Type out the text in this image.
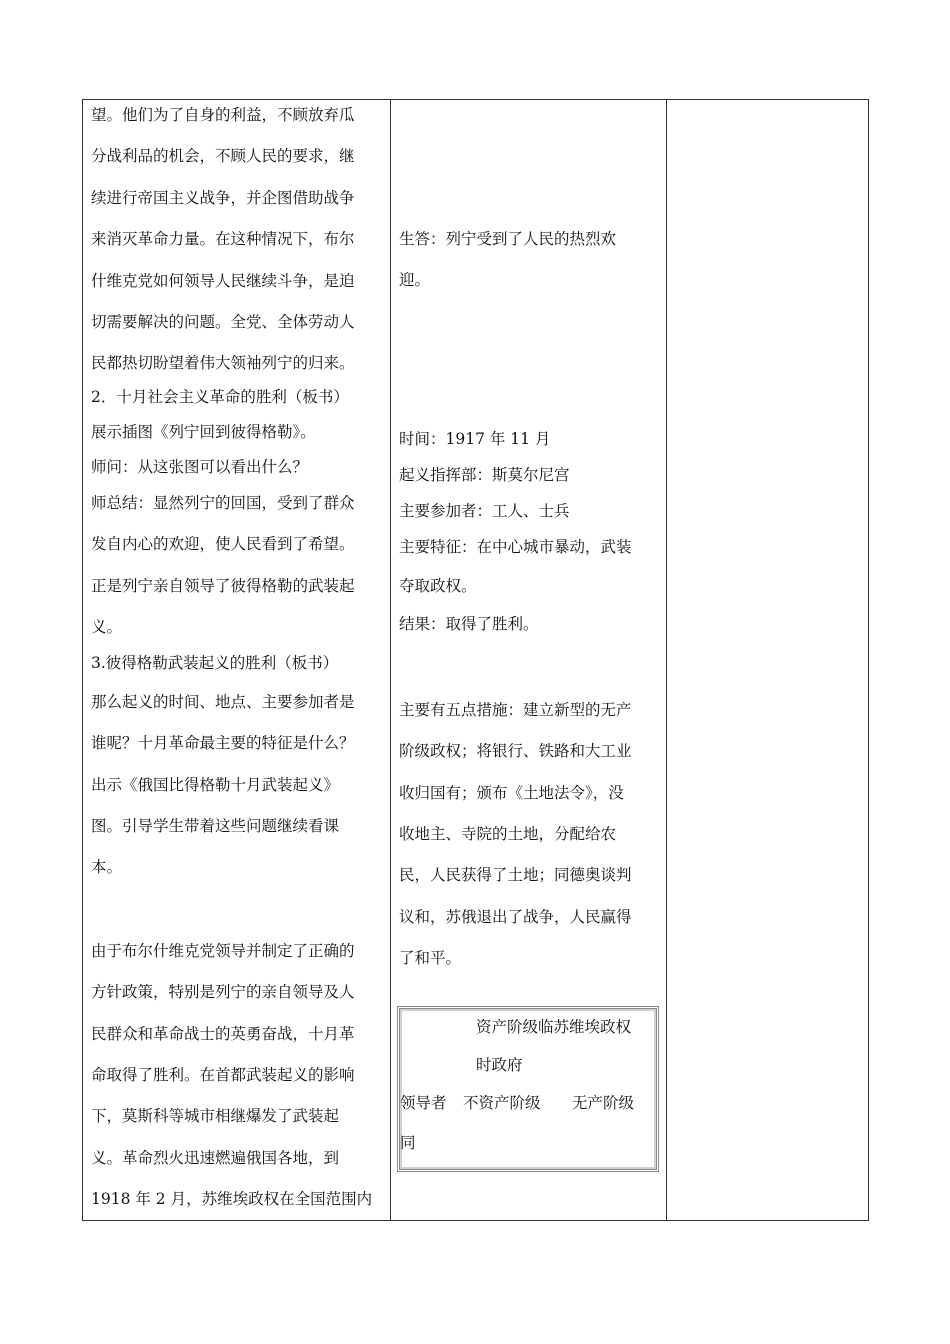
望。他们为了自身的利益，不顾放弃瓜
分战利品的机会，不顾人民的要求，继
续进行帝国主义战争，并企图借助战争
来消灭革命力量。在这种情况下，布尔
什维克党如何领导人民继续斗争，是迫
切需要解决的问题。全党、全体劳动人
民都热切盼望着伟大领袖列宁的归来。
2．十月社会主义革命的胜利（板书）
展示插图《列宁回到彼得格勒》。
师问：从这张图可以看出什么？
师总结：显然列宁的回国，受到了群众
发自内心的欢迎，使人民看到了希望。
正是列宁亲自领导了彼得格勒的武装起
义。
3.彼得格勒武装起义的胜利（板书）
那么起义的时间、地点、主要参加者是
谁呢？十月革命最主要的特征是什么？
出示《俄国比得格勒十月武装起义》
图。引导学生带着这些问题继续看课
本。
由于布尔什维克党领导并制定了正确的
方针政策，特别是列宁的亲自领导及人
民群众和革命战士的英勇奋战，十月革
命取得了胜利。在首都武装起义的影响
下，莫斯科等城市相继爆发了武装起
义。革命烈火迅速燃遍俄国各地，到
1918 年 2 月，苏维埃政权在全国范围内

生答：列宁受到了人民的热烈欢
迎。
时间：1917 年 11 月
起义指挥部：斯莫尔尼宫
主要参加者：工人、士兵
主要特征：在中心城市暴动，武装
夺取政权。
结果：取得了胜利。
主要有五点措施：建立新型的无产
阶级政权；将银行、铁路和大工业
收归国有；颁布《土地法令》，没
收地主、寺院的土地，分配给农
民，人民获得了土地；同德奥谈判
议和，苏俄退出了战争，人民赢得
了和平。
资产阶级临苏维埃政权
时政府
领导者 不资产阶级 无产阶级
同
